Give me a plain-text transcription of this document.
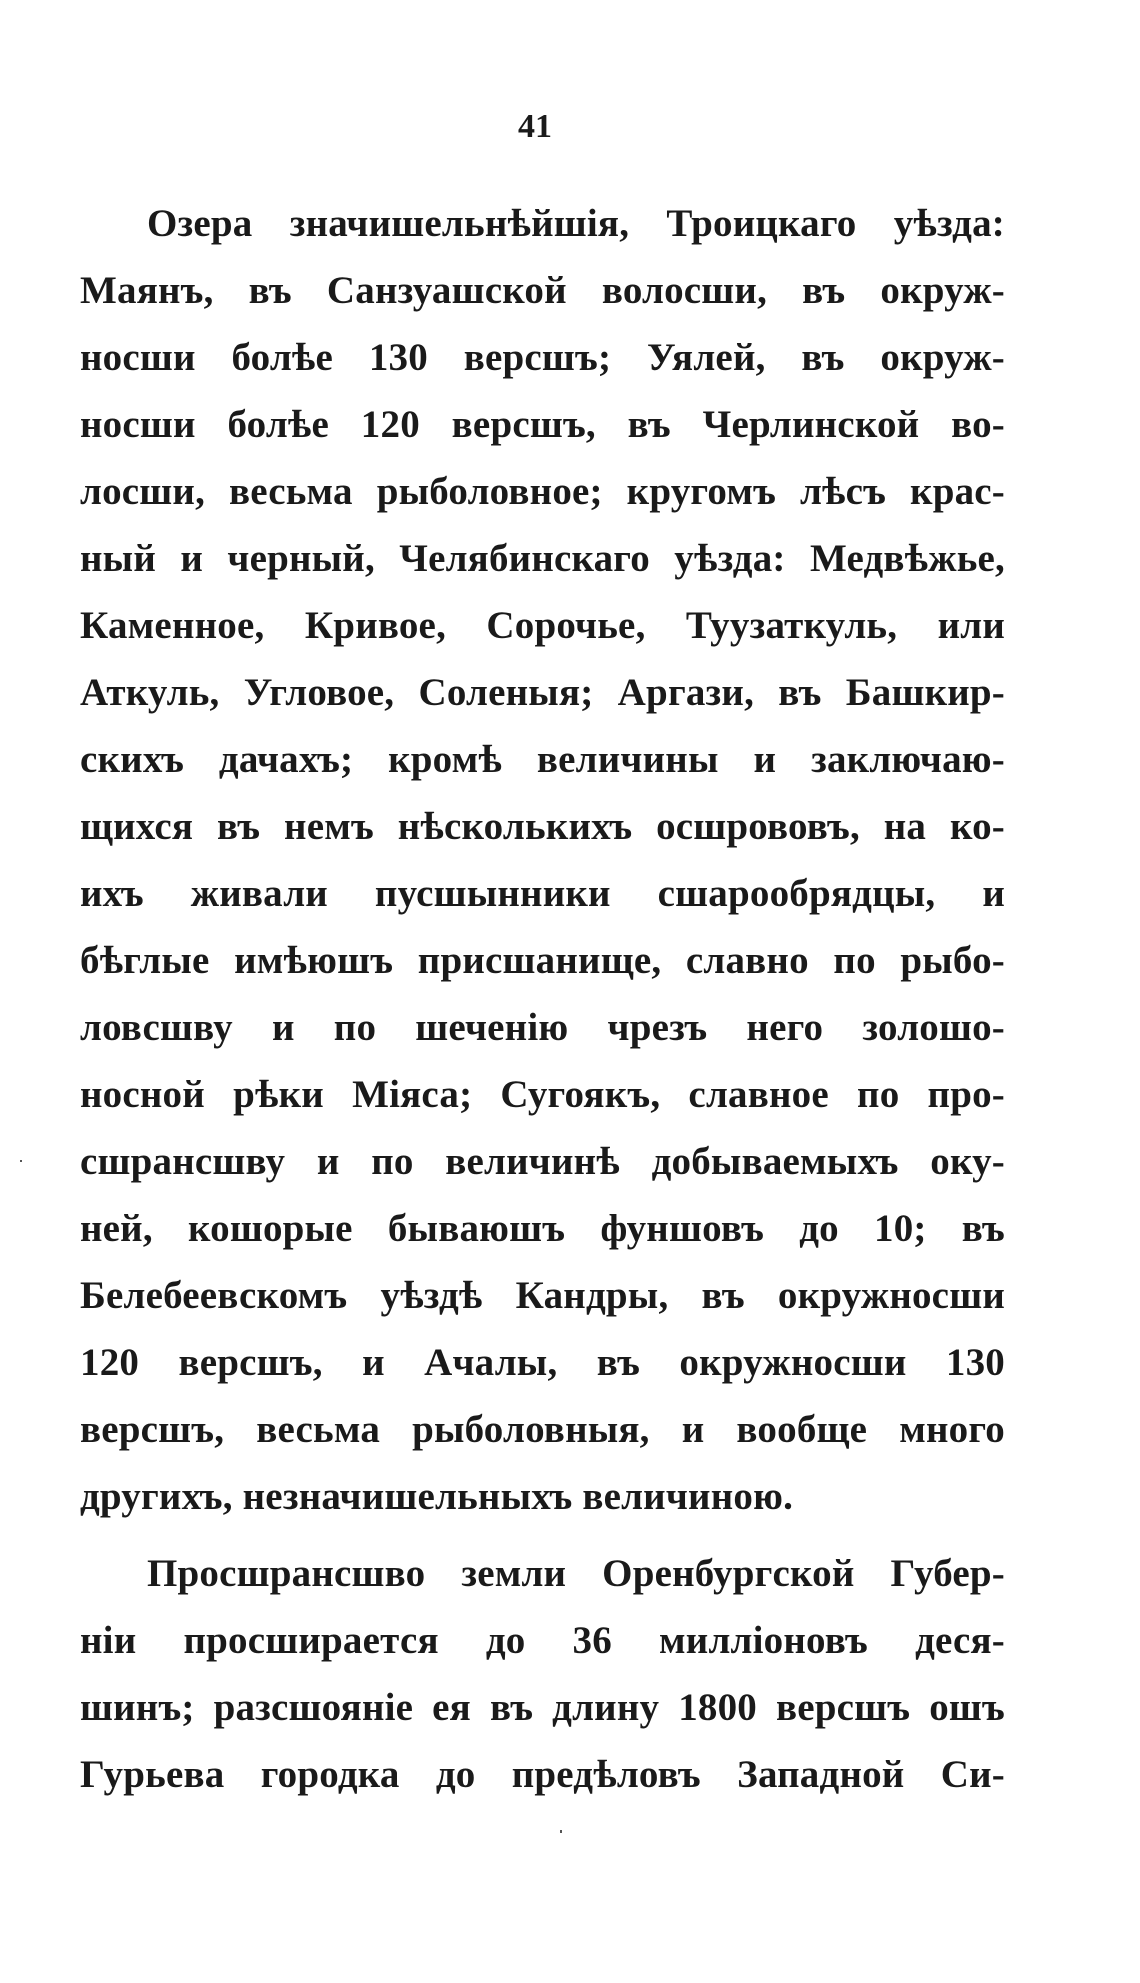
41
Озера значишельнѣйшія, Троицкаго уѣзда:
Маянъ, въ Санзуашской волосши, въ окруж-
носши болѣе 130 версшъ; Уялей, въ окруж-
носши болѣе 120 версшъ, въ Черлинской во-
лосши, весьма рыболовное; кругомъ лѣсъ крас-
ный и черный, Челябинскаго уѣзда: Медвѣжье,
Каменное, Кривое, Сорочье, Туузаткуль, или
Аткуль, Угловое, Соленыя; Аргази, въ Башкир-
скихъ дачахъ; кромѣ величины и заключаю-
щихся въ немъ нѣсколькихъ осшрововъ, на ко-
ихъ живали пусшынники сшарообрядцы, и
бѣглые имѣюшъ присшанище, славно по рыбо-
ловсшву и по шеченію чрезъ него золошо-
носной рѣки Міяса; Сугоякъ, славное по про-
сшрансшву и по величинѣ добываемыхъ оку-
ней, кошорые бываюшъ фуншовъ до 10; въ
Белебеевскомъ уѣздѣ Кандры, въ окружносши
120 версшъ, и Ачалы, въ окружносши 130
версшъ, весьма рыболовныя, и вообще много
другихъ, незначишельныхъ величиною.
Просшрансшво земли Оренбургской Губер-
ніи просширается до 36 милліоновъ деся-
шинъ; разсшояніе ея въ длину 1800 версшъ ошъ
Гурьева городка до предѣловъ Западной Си-
